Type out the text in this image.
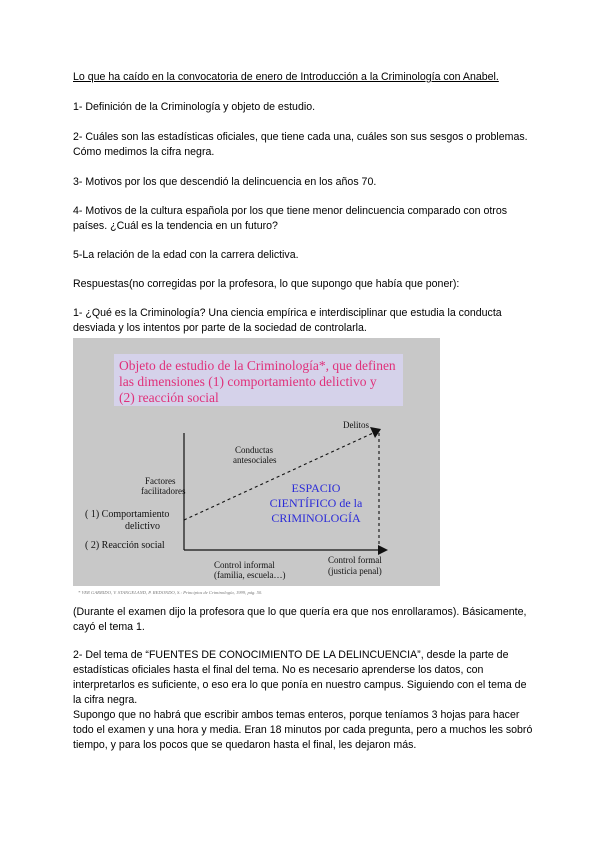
Lo que ha caído en la convocatoria de enero de Introducción a la Criminología con Anabel.

1- Definición de la Criminología y objeto de estudio.

2- Cuáles son las estadísticas oficiales, que tiene cada una, cuáles son sus sesgos o problemas. Cómo medimos la cifra negra.

3- Motivos por los que descendió la delincuencia en los años 70.

4- Motivos de la cultura española por los que tiene menor delincuencia comparado con otros países. ¿Cuál es la tendencia en un futuro?

5-La relación de la edad con la carrera delictiva.

Respuestas(no corregidas por la profesora, lo que supongo que había que poner):

1- ¿Qué es la Criminología? Una ciencia empírica e interdisciplinar que estudia la conducta desviada y los intentos por parte de la sociedad de controlarla.

Objeto de estudio de la Criminología*, que definen
las dimensiones (1) comportamiento delictivo y
(2) reacción social
Delitos
Conductas
antesociales
Factores
facilitadores
( 1) Comportamiento
delictivo
( 2) Reacción social
Control informal
(familia, escuela…)
Control formal
(justicia penal)
ESPACIO
CIENTÍFICO de la
CRIMINOLOGÍA
* VER GARRIDO, V. STANGELAND, P. REDONDO, S.: Principios de Criminología, 1999, pág. 50.

(Durante el examen dijo la profesora que lo que quería era que nos enrollaramos). Básicamente, cayó el tema 1.

2- Del tema de “FUENTES DE CONOCIMIENTO DE LA DELINCUENCIA”, desde la parte de estadísticas oficiales hasta el final del tema. No es necesario aprenderse los datos, con interpretarlos es suficiente, o eso era lo que ponía en nuestro campus. Siguiendo con el tema de la cifra negra.

Supongo que no habrá que escribir ambos temas enteros, porque teníamos 3 hojas para hacer todo el examen y una hora y media. Eran 18 minutos por cada pregunta, pero a muchos les sobró tiempo, y para los pocos que se quedaron hasta el final, les dejaron más.
